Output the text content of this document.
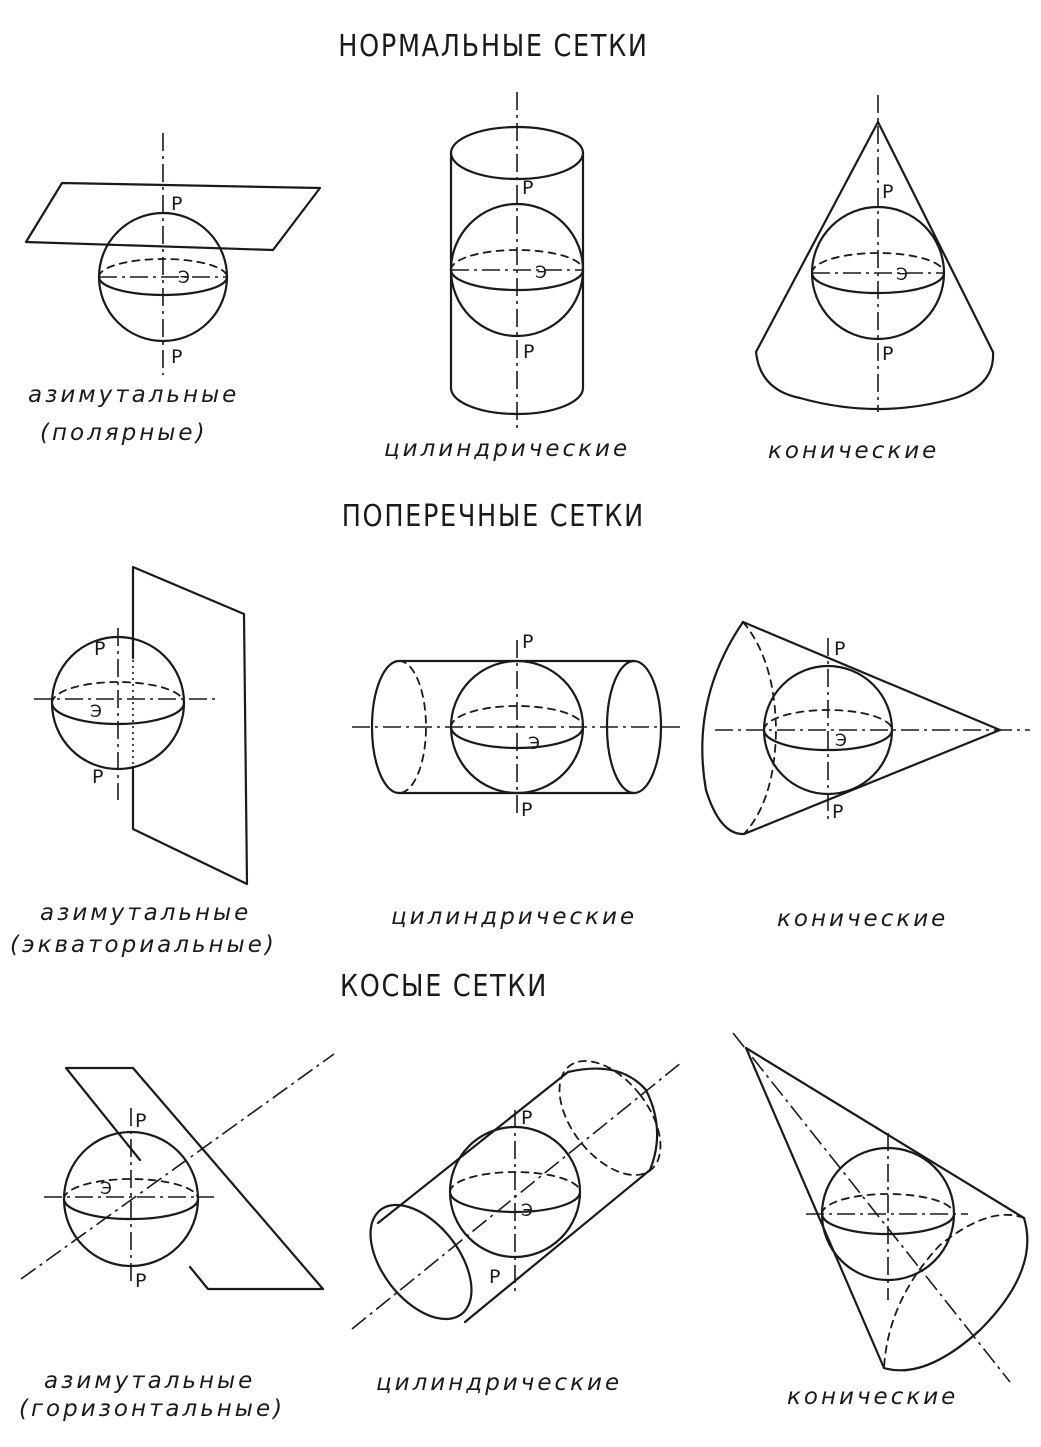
НОРМАЛЬНЫЕ СЕТКИ
P
Э
P
азимутальные
(полярные)
P
Э
P
цилиндрические
P
Э
P
конические
ПОПЕРЕЧНЫЕ СЕТКИ
P
Э
P
азимутальные
(экваториальные)
P
Э
P
цилиндрические
P
Э
P
конические
КОСЫЕ СЕТКИ
P
Э
P
азимутальные
(горизонтальные)
P
Э
P
цилиндрические
конические
